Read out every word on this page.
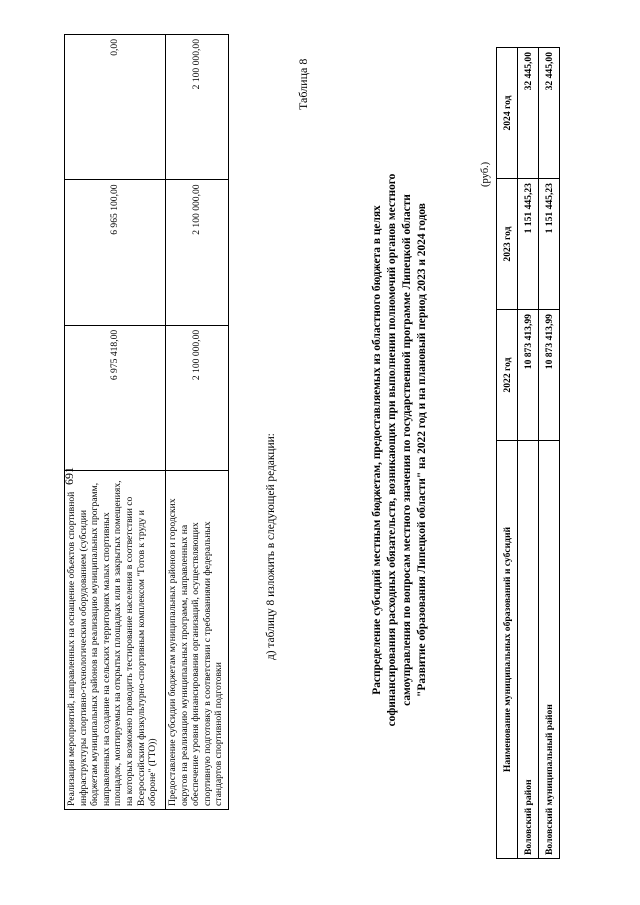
691
Реализация мероприятий, направленных на оснащение объектов спортивной инфраструктуры спортивно-технологическим оборудованием (субсидии бюджетам муниципальных районов на реализацию муниципальных программ, направленных на создание на сельских территориях малых спортивных площадок, монтируемых на открытых площадках или в закрытых помещениях, на которых возможно проводить тестирование населения в соответствии со Всероссийским физкультурно-спортивным комплексом "Готов к труду и обороне" (ГТО))	6 975 418,00	6 965 100,00	0,00
Предоставление субсидии бюджетам муниципальных районов и городских округов на реализацию муниципальных программ, направленных на обеспечение уровня финансирования организаций, осуществляющих спортивную подготовку в соответствии с требованиями федеральных стандартов спортивной подготовки	2 100 000,00	2 100 000,00	2 100 000,00
д) таблицу 8 изложить в следующей редакции:
Таблица 8
Распределение субсидий местным бюджетам, предоставляемых из областного бюджета в целях софинансирования расходных обязательств, возникающих при выполнении полномочий органов местного самоуправления по вопросам местного значения по государственной программе Липецкой области "Развитие образования Липецкой области" на 2022 год и на плановый период 2023 и 2024 годов
(руб.)
Наименование муниципальных образований и субсидий	2022 год	2023 год	2024 год
Воловский район	10 873 413,99	1 151 445,23	32 445,00
Воловский муниципальный район	10 873 413,99	1 151 445,23	32 445,00
